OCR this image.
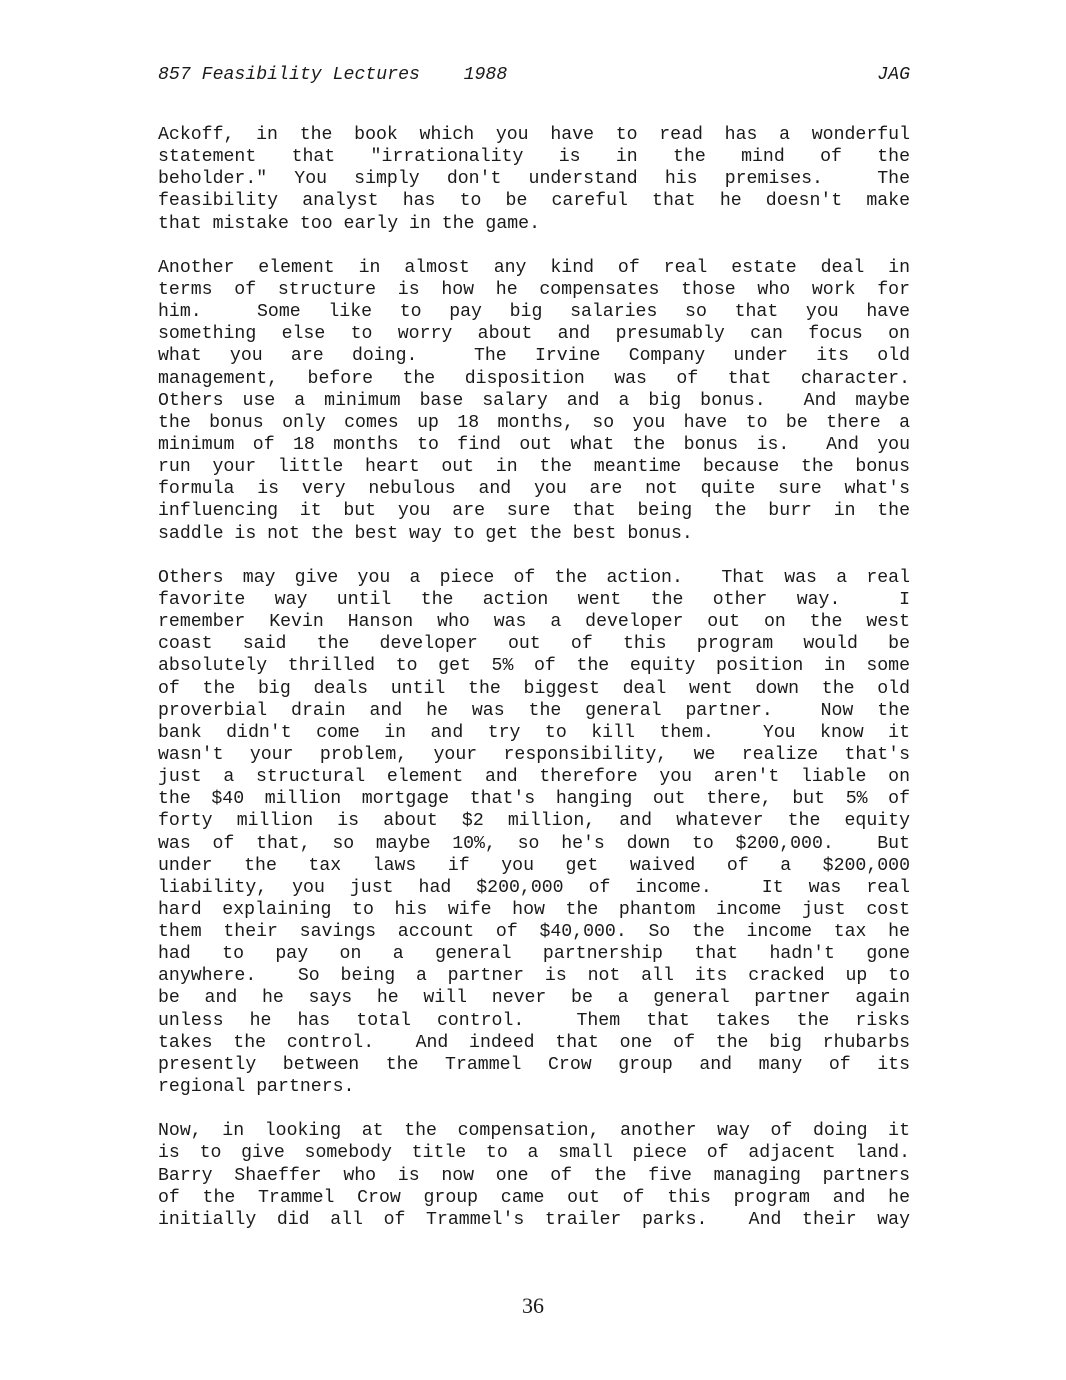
857 Feasibility Lectures    1988	JAG
Ackoff, in the book which you have to read has a wonderful
statement that "irrationality is in the mind of the
beholder." You simply don't understand his premises.  The
feasibility analyst has to be careful that he doesn't make
that mistake too early in the game.
Another element in almost any kind of real estate deal in
terms of structure is how he compensates those who work for
him.  Some like to pay big salaries so that you have
something else to worry about and presumably can focus on
what you are doing.  The Irvine Company under its old
management, before the disposition was of that character.
Others use a minimum base salary and a big bonus.  And maybe
the bonus only comes up 18 months, so you have to be there a
minimum of 18 months to find out what the bonus is.  And you
run your little heart out in the meantime because the bonus
formula is very nebulous and you are not quite sure what's
influencing it but you are sure that being the burr in the
saddle is not the best way to get the best bonus.
Others may give you a piece of the action.  That was a real
favorite way until the action went the other way.  I
remember Kevin Hanson who was a developer out on the west
coast said the developer out of this program would be
absolutely thrilled to get 5% of the equity position in some
of the big deals until the biggest deal went down the old
proverbial drain and he was the general partner.  Now the
bank didn't come in and try to kill them.  You know it
wasn't your problem, your responsibility, we realize that's
just a structural element and therefore you aren't liable on
the $40 million mortgage that's hanging out there, but 5% of
forty million is about $2 million, and whatever the equity
was of that, so maybe 10%, so he's down to $200,000.  But
under the tax laws if you get waived of a $200,000
liability, you just had $200,000 of income.  It was real
hard explaining to his wife how the phantom income just cost
them their savings account of $40,000. So the income tax he
had to pay on a general partnership that hadn't gone
anywhere.  So being a partner is not all its cracked up to
be and he says he will never be a general partner again
unless he has total control.  Them that takes the risks
takes the control.  And indeed that one of the big rhubarbs
presently between the Trammel Crow group and many of its
regional partners.
Now, in looking at the compensation, another way of doing it
is to give somebody title to a small piece of adjacent land.
Barry Shaeffer who is now one of the five managing partners
of the Trammel Crow group came out of this program and he
initially did all of Trammel's trailer parks.  And their way
36
